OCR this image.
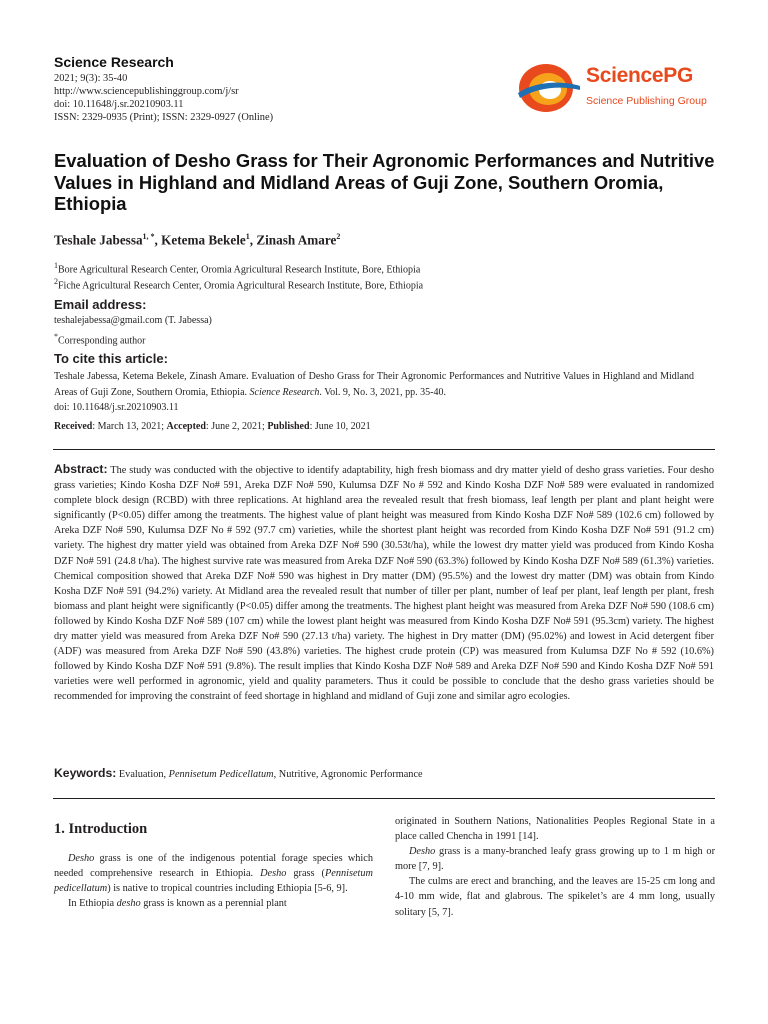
Science Research
2021; 9(3): 35-40
http://www.sciencepublishinggroup.com/j/sr
doi: 10.11648/j.sr.20210903.11
ISSN: 2329-0935 (Print); ISSN: 2329-0927 (Online)
SciencePG
Science Publishing Group
Evaluation of Desho Grass for Their Agronomic Performances and Nutritive Values in Highland and Midland Areas of Guji Zone, Southern Oromia, Ethiopia
Teshale Jabessa$^{1, *}$, Ketema Bekele$^1$, Zinash Amare$^2$
$^1$Bore Agricultural Research Center, Oromia Agricultural Research Institute, Bore, Ethiopia
$^2$Fiche Agricultural Research Center, Oromia Agricultural Research Institute, Bore, Ethiopia
Email address:
teshalejabessa@gmail.com (T. Jabessa)
*Corresponding author
To cite this article:
Teshale Jabessa, Ketema Bekele, Zinash Amare. Evaluation of Desho Grass for Their Agronomic Performances and Nutritive Values in Highland and Midland Areas of Guji Zone, Southern Oromia, Ethiopia. Science Research. Vol. 9, No. 3, 2021, pp. 35-40.
doi: 10.11648/j.sr.20210903.11
Received: March 13, 2021; Accepted: June 2, 2021; Published: June 10, 2021
Abstract: The study was conducted with the objective to identify adaptability, high fresh biomass and dry matter yield of desho grass varieties. Four desho grass varieties; Kindo Kosha DZF No# 591, Areka DZF No# 590, Kulumsa DZF No # 592 and Kindo Kosha DZF No# 589 were evaluated in randomized complete block design (RCBD) with three replications. At highland area the revealed result that fresh biomass, leaf length per plant and plant height were significantly (P<0.05) differ among the treatments. The highest value of plant height was measured from Kindo Kosha DZF No# 589 (102.6 cm) followed by Areka DZF No# 590, Kulumsa DZF No # 592 (97.7 cm) varieties, while the shortest plant height was recorded from Kindo Kosha DZF No# 591 (91.2 cm) variety. The highest dry matter yield was obtained from Areka DZF No# 590 (30.53t/ha), while the lowest dry matter yield was produced from Kindo Kosha DZF No# 591 (24.8 t/ha). The highest survive rate was measured from Areka DZF No# 590 (63.3%) followed by Kindo Kosha DZF No# 589 (61.3%) varieties. Chemical composition showed that Areka DZF No# 590 was highest in Dry matter (DM) (95.5%) and the lowest dry matter (DM) was obtain from Kindo Kosha DZF No# 591 (94.2%) variety. At Midland area the revealed result that number of tiller per plant, number of leaf per plant, leaf length per plant, fresh biomass and plant height were significantly (P<0.05) differ among the treatments. The highest plant height was measured from Areka DZF No# 590 (108.6 cm) followed by Kindo Kosha DZF No# 589 (107 cm) while the lowest plant height was measured from Kindo Kosha DZF No# 591 (95.3cm) variety. The highest dry matter yield was measured from Areka DZF No# 590 (27.13 t/ha) variety. The highest in Dry matter (DM) (95.02%) and lowest in Acid detergent fiber (ADF) was measured from Areka DZF No# 590 (43.8%) varieties. The highest crude protein (CP) was measured from Kulumsa DZF No # 592 (10.6%) followed by Kindo Kosha DZF No# 591 (9.8%). The result implies that Kindo Kosha DZF No# 589 and Areka DZF No# 590 and Kindo Kosha DZF No# 591 varieties were well performed in agronomic, yield and quality parameters. Thus it could be possible to conclude that the desho grass varieties should be recommended for improving the constraint of feed shortage in highland and midland of Guji zone and similar agro ecologies.
Keywords: Evaluation, Pennisetum Pedicellatum, Nutritive, Agronomic Performance
1. Introduction

Desho grass is one of the indigenous potential forage species which needed comprehensive research in Ethiopia. Desho grass (Pennisetum pedicellatum) is native to tropical countries including Ethiopia [5-6, 9].

In Ethiopia desho grass is known as a perennial plant

originated in Southern Nations, Nationalities Peoples Regional State in a place called Chencha in 1991 [14].

Desho grass is a many-branched leafy grass growing up to 1 m high or more [7, 9].

The culms are erect and branching, and the leaves are 15-25 cm long and 4-10 mm wide, flat and glabrous. The spikelet’s are 4 mm long, usually solitary [5, 7].
